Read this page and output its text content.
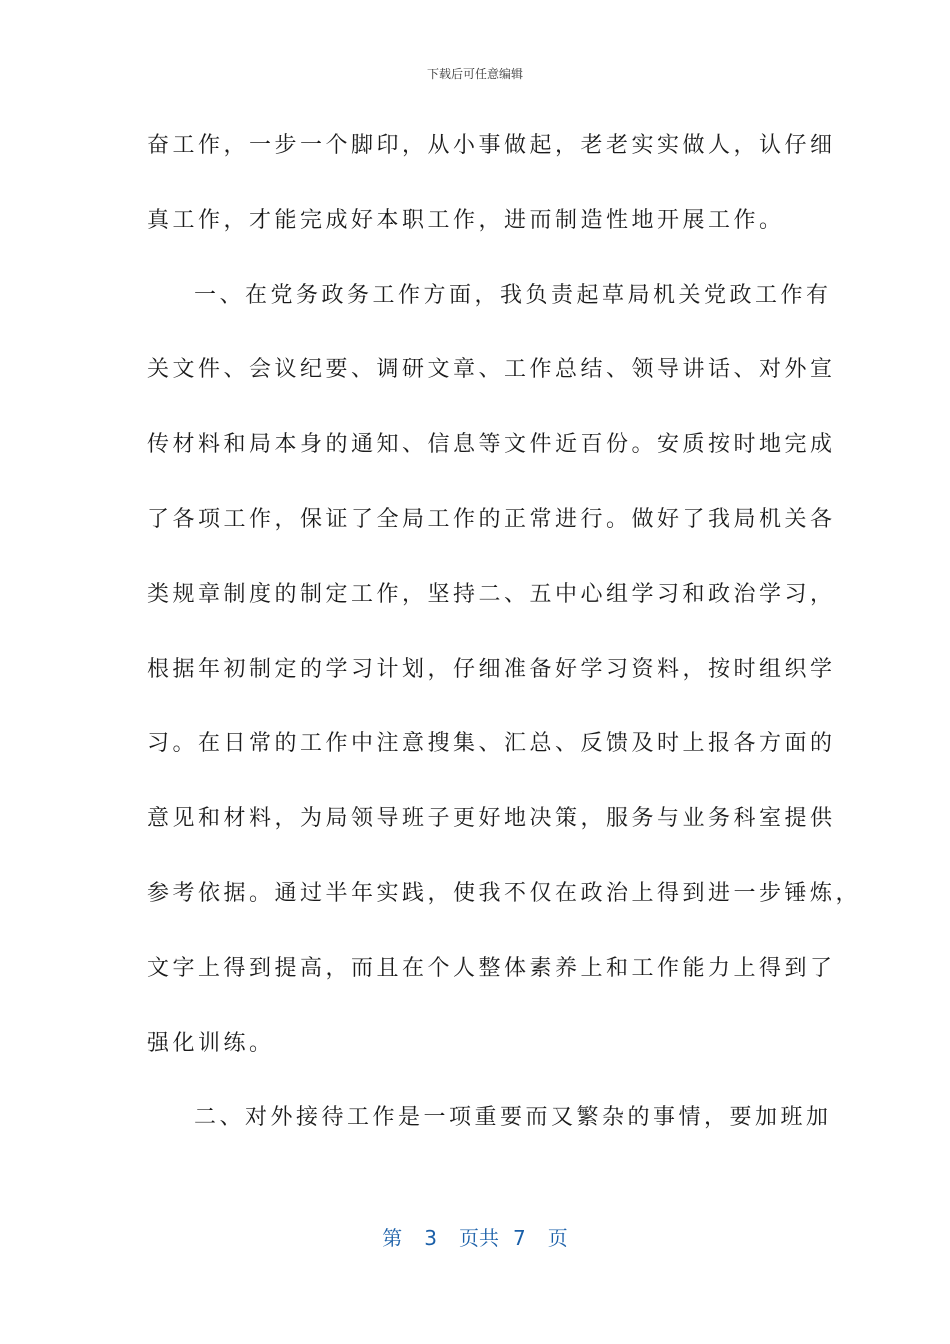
下载后可任意编辑
奋工作，一步一个脚印，从小事做起，老老实实做人，认仔细
真工作，才能完成好本职工作，进而制造性地开展工作。
一、在党务政务工作方面，我负责起草局机关党政工作有
关文件、会议纪要、调研文章、工作总结、领导讲话、对外宣
传材料和局本身的通知、信息等文件近百份。安质按时地完成
了各项工作，保证了全局工作的正常进行。做好了我局机关各
类规章制度的制定工作，坚持二、五中心组学习和政治学习，
根据年初制定的学习计划，仔细准备好学习资料，按时组织学
习。在日常的工作中注意搜集、汇总、反馈及时上报各方面的
意见和材料，为局领导班子更好地决策，服务与业务科室提供
参考依据。通过半年实践，使我不仅在政治上得到进一步锤炼，
文字上得到提高，而且在个人整体素养上和工作能力上得到了
强化训练。
二、对外接待工作是一项重要而又繁杂的事情，要加班加
第 3 页共 7 页
